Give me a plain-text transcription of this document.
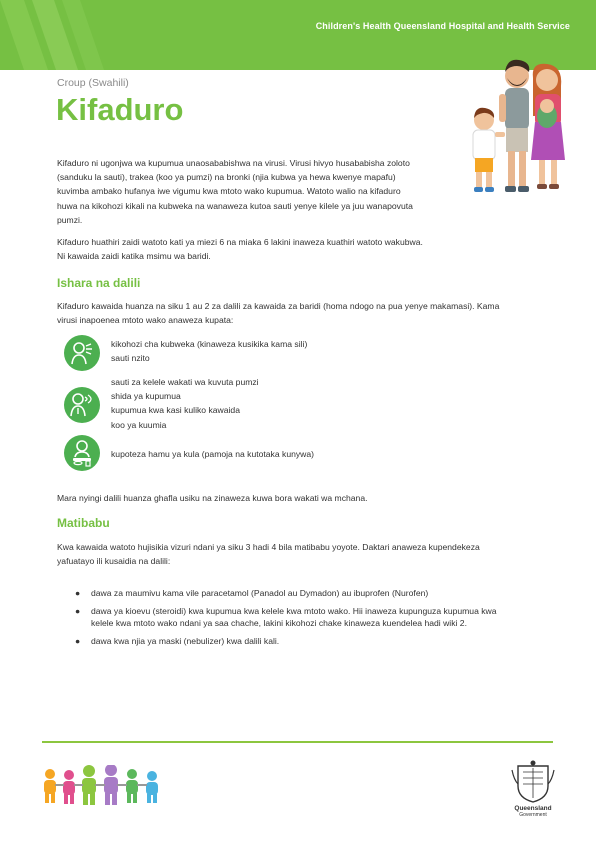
Children's Health Queensland Hospital and Health Service
Croup (Swahili)
Kifaduro

Kifaduro ni ugonjwa wa kupumua unaosababishwa na virusi. Virusi hivyo husababisha zoloto
(sanduku la sauti), trakea (koo ya pumzi) na bronki (njia kubwa ya hewa kwenye mapafu)
kuvimba ambako hufanya iwe vigumu kwa mtoto wako kupumua. Watoto walio na kifaduro
huwa na kikohozi kikali na kubweka na wanaweza kutoa sauti yenye kilele ya juu wanapovuta
pumzi.

Kifaduro huathiri zaidi watoto kati ya miezi 6 na miaka 6 lakini inaweza kuathiri watoto wakubwa.
Ni kawaida zaidi katika msimu wa baridi.

Ishara na dalili

Kifaduro kawaida huanza na siku 1 au 2 za dalili za kawaida za baridi (homa ndogo na pua yenye makamasi). Kama
virusi inapoenea mtoto wako anaweza kupata:

kikohozi cha kubweka (kinaweza kusikika kama sili)
sauti nzito
sauti za kelele wakati wa kuvuta pumzi
shida ya kupumua
kupumua kwa kasi kuliko kawaida
koo ya kuumia
kupoteza hamu ya kula (pamoja na kutotaka kunywa)

Mara nyingi dalili huanza ghafla usiku na zinaweza kuwa bora wakati wa mchana.

Matibabu

Kwa kawaida watoto hujisikia vizuri ndani ya siku 3 hadi 4 bila matibabu yoyote. Daktari anaweza kupendekeza
yafuatayo ili kusaidia na dalili:

● dawa za maumivu kama vile paracetamol (Panadol au Dymadon) au ibuprofen (Nurofen)
● dawa ya kioevu (steroidi) kwa kupumua kwa kelele kwa mtoto wako. Hii inaweza kupunguza kupumua kwa
kelele kwa mtoto wako ndani ya saa chache, lakini kikohozi chake kinaweza kuendelea hadi wiki 2.
● dawa kwa njia ya maski (nebulizer) kwa dalili kali.
Queensland
Government
